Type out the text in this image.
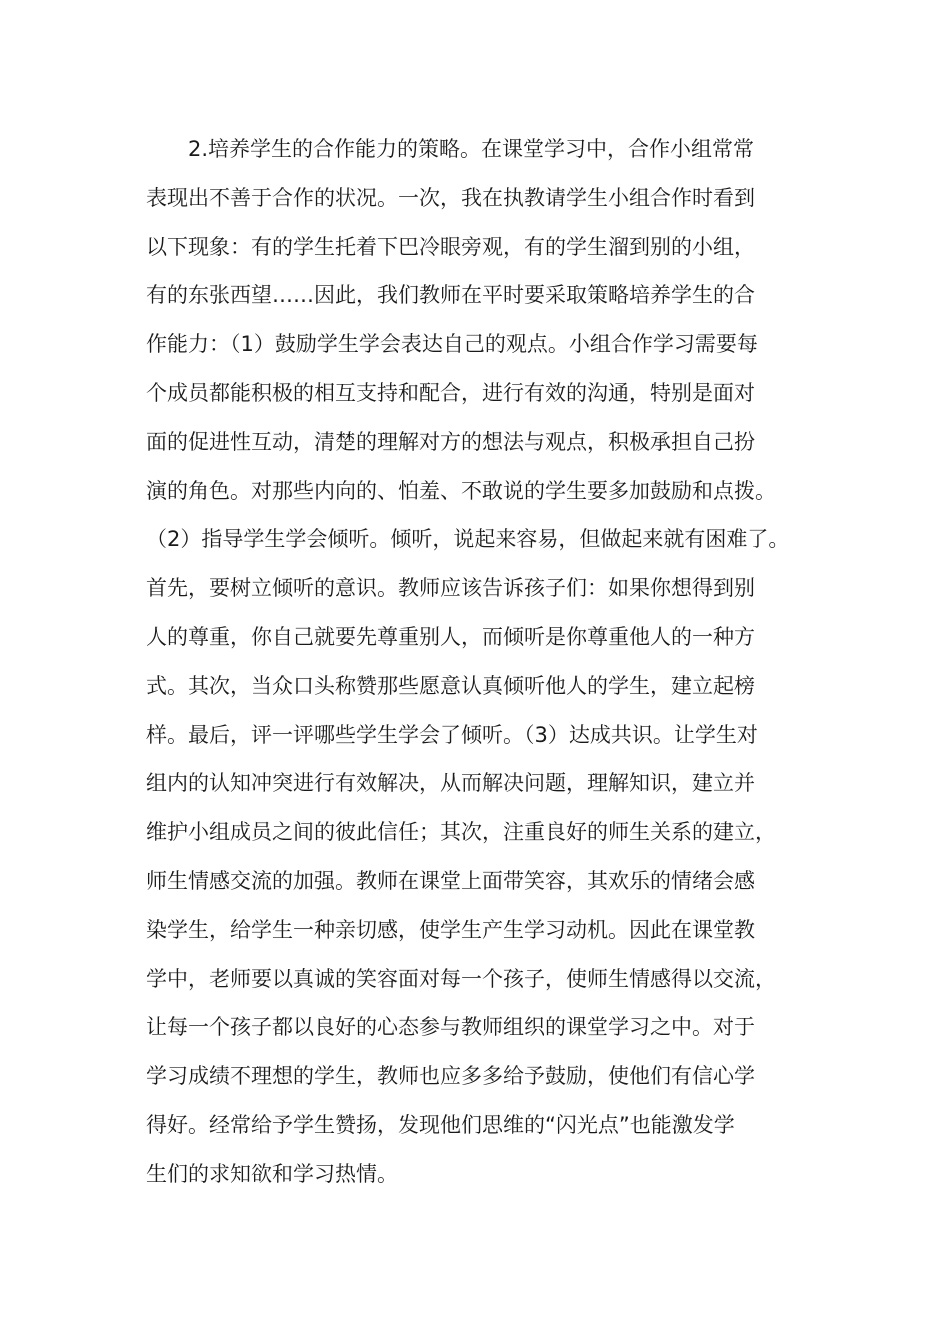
2.培养学生的合作能力的策略。在课堂学习中，合作小组常常
表现出不善于合作的状况。一次，我在执教请学生小组合作时看到
以下现象：有的学生托着下巴冷眼旁观，有的学生溜到别的小组，
有的东张西望……因此，我们教师在平时要采取策略培养学生的合
作能力：（1）鼓励学生学会表达自己的观点。小组合作学习需要每
个成员都能积极的相互支持和配合，进行有效的沟通，特别是面对
面的促进性互动，清楚的理解对方的想法与观点，积极承担自己扮
演的角色。对那些内向的、怕羞、不敢说的学生要多加鼓励和点拨。
（2）指导学生学会倾听。倾听，说起来容易，但做起来就有困难了。
首先，要树立倾听的意识。教师应该告诉孩子们：如果你想得到别
人的尊重，你自己就要先尊重别人，而倾听是你尊重他人的一种方
式。其次，当众口头称赞那些愿意认真倾听他人的学生，建立起榜
样。最后，评一评哪些学生学会了倾听。（3）达成共识。让学生对
组内的认知冲突进行有效解决，从而解决问题，理解知识，建立并
维护小组成员之间的彼此信任；其次，注重良好的师生关系的建立，
师生情感交流的加强。教师在课堂上面带笑容，其欢乐的情绪会感
染学生，给学生一种亲切感，使学生产生学习动机。因此在课堂教
学中，老师要以真诚的笑容面对每一个孩子，使师生情感得以交流，
让每一个孩子都以良好的心态参与教师组织的课堂学习之中。对于
学习成绩不理想的学生，教师也应多多给予鼓励，使他们有信心学
得好。经常给予学生赞扬，发现他们思维的“闪光点”也能激发学
生们的求知欲和学习热情。
